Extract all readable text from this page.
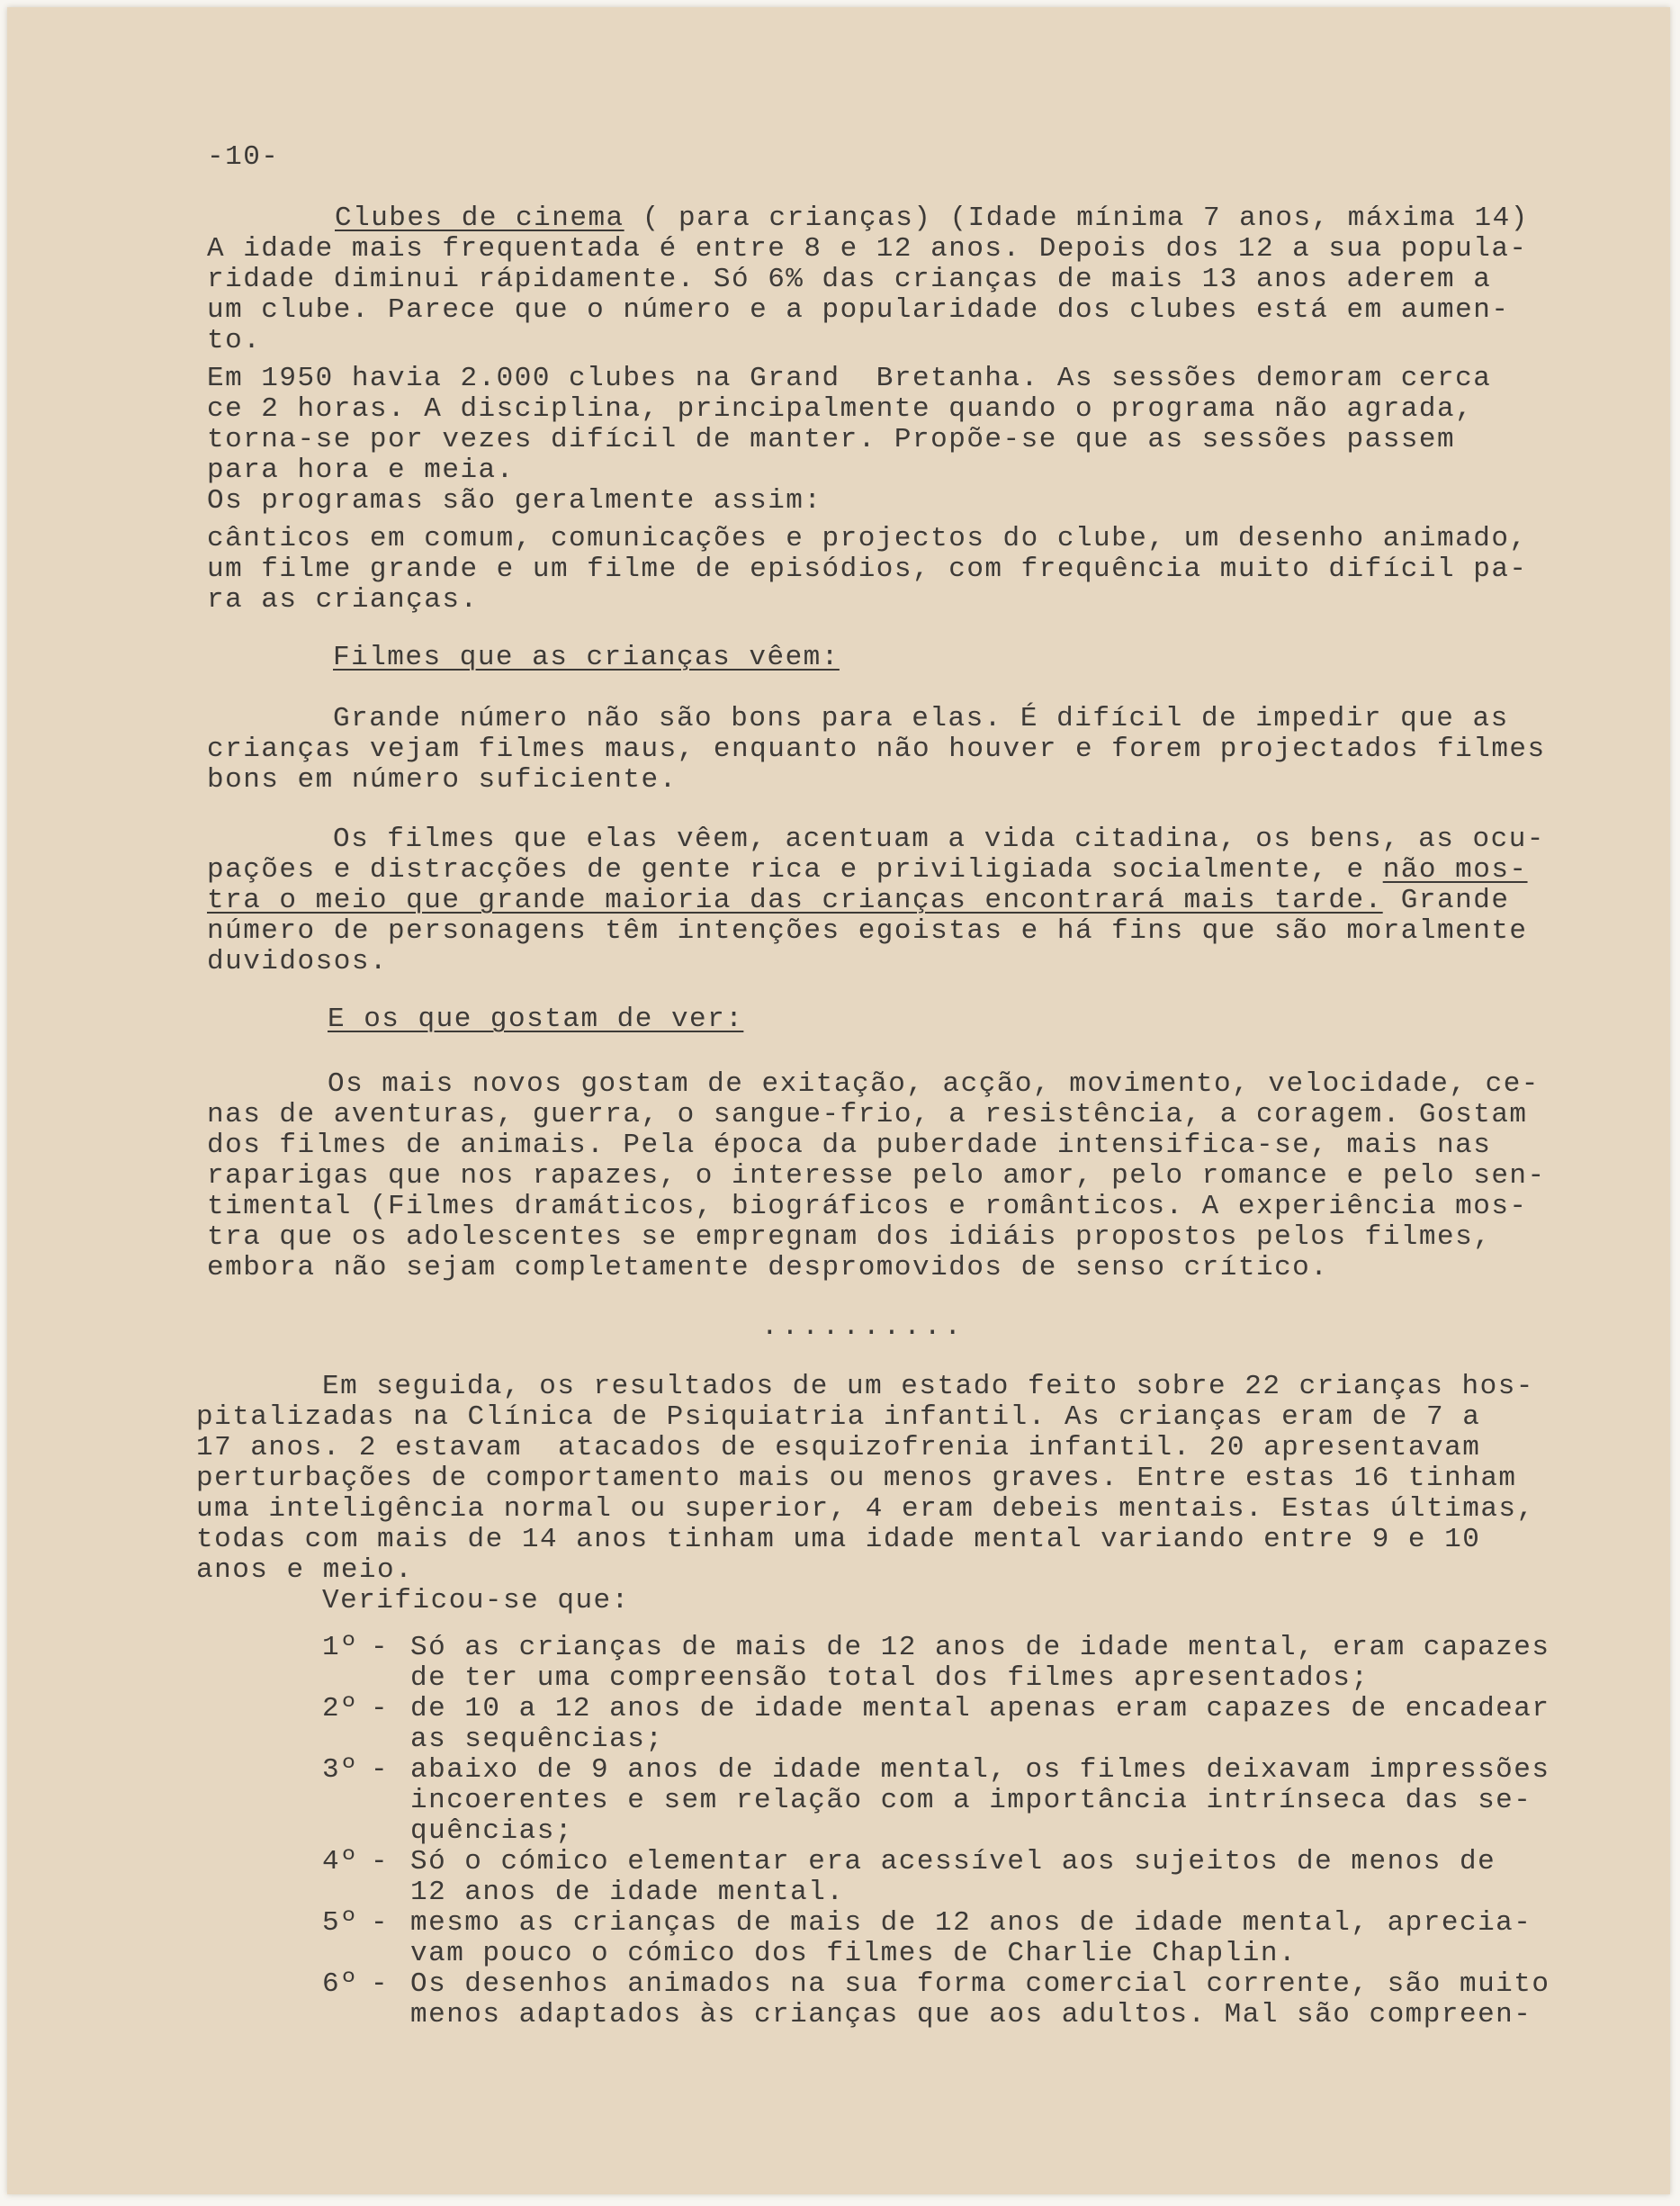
-10-

Clubes de cinema ( para crianças) (Idade mínima 7 anos, máxima 14)

A idade mais frequentada é entre 8 e 12 anos. Depois dos 12 a sua popula-

ridade diminui rápidamente. Só 6% das crianças de mais 13 anos aderem a

um clube. Parece que o número e a popularidade dos clubes está em aumen-

to.

Em 1950 havia 2.000 clubes na Grand  Bretanha. As sessões demoram cerca

ce 2 horas. A disciplina, principalmente quando o programa não agrada,

torna-se por vezes difícil de manter. Propõe-se que as sessões passem

para hora e meia.

Os programas são geralmente assim:

cânticos em comum, comunicações e projectos do clube, um desenho animado,

um filme grande e um filme de episódios, com frequência muito difícil pa-

ra as crianças.

Filmes que as crianças vêem:

Grande número não são bons para elas. É difícil de impedir que as

crianças vejam filmes maus, enquanto não houver e forem projectados filmes

bons em número suficiente.

Os filmes que elas vêem, acentuam a vida citadina, os bens, as ocu-

pações e distracções de gente rica e priviligiada socialmente, e não mos-

tra o meio que grande maioria das crianças encontrará mais tarde. Grande

número de personagens têm intenções egoistas e há fins que são moralmente

duvidosos.

E os que gostam de ver:

Os mais novos gostam de exitação, acção, movimento, velocidade, ce-

nas de aventuras, guerra, o sangue-frio, a resistência, a coragem. Gostam

dos filmes de animais. Pela época da puberdade intensifica-se, mais nas

raparigas que nos rapazes, o interesse pelo amor, pelo romance e pelo sen-

timental (Filmes dramáticos, biográficos e românticos. A experiência mos-

tra que os adolescentes se empregnam dos idiáis propostos pelos filmes,

embora não sejam completamente despromovidos de senso crítico.

..........

Em seguida, os resultados de um estado feito sobre 22 crianças hos-

pitalizadas na Clínica de Psiquiatria infantil. As crianças eram de 7 a

17 anos. 2 estavam  atacados de esquizofrenia infantil. 20 apresentavam

perturbações de comportamento mais ou menos graves. Entre estas 16 tinham

uma inteligência normal ou superior, 4 eram debeis mentais. Estas últimas,

todas com mais de 14 anos tinham uma idade mental variando entre 9 e 10

anos e meio.

Verificou-se que:

1º - Só as crianças de mais de 12 anos de idade mental, eram capazes

de ter uma compreensão total dos filmes apresentados;

2º - de 10 a 12 anos de idade mental apenas eram capazes de encadear

as sequências;

3º - abaixo de 9 anos de idade mental, os filmes deixavam impressões

incoerentes e sem relação com a importância intrínseca das se-

quências;

4º - Só o cómico elementar era acessível aos sujeitos de menos de

12 anos de idade mental.

5º - mesmo as crianças de mais de 12 anos de idade mental, aprecia-

vam pouco o cómico dos filmes de Charlie Chaplin.

6º - Os desenhos animados na sua forma comercial corrente, são muito

menos adaptados às crianças que aos adultos. Mal são compreen-
